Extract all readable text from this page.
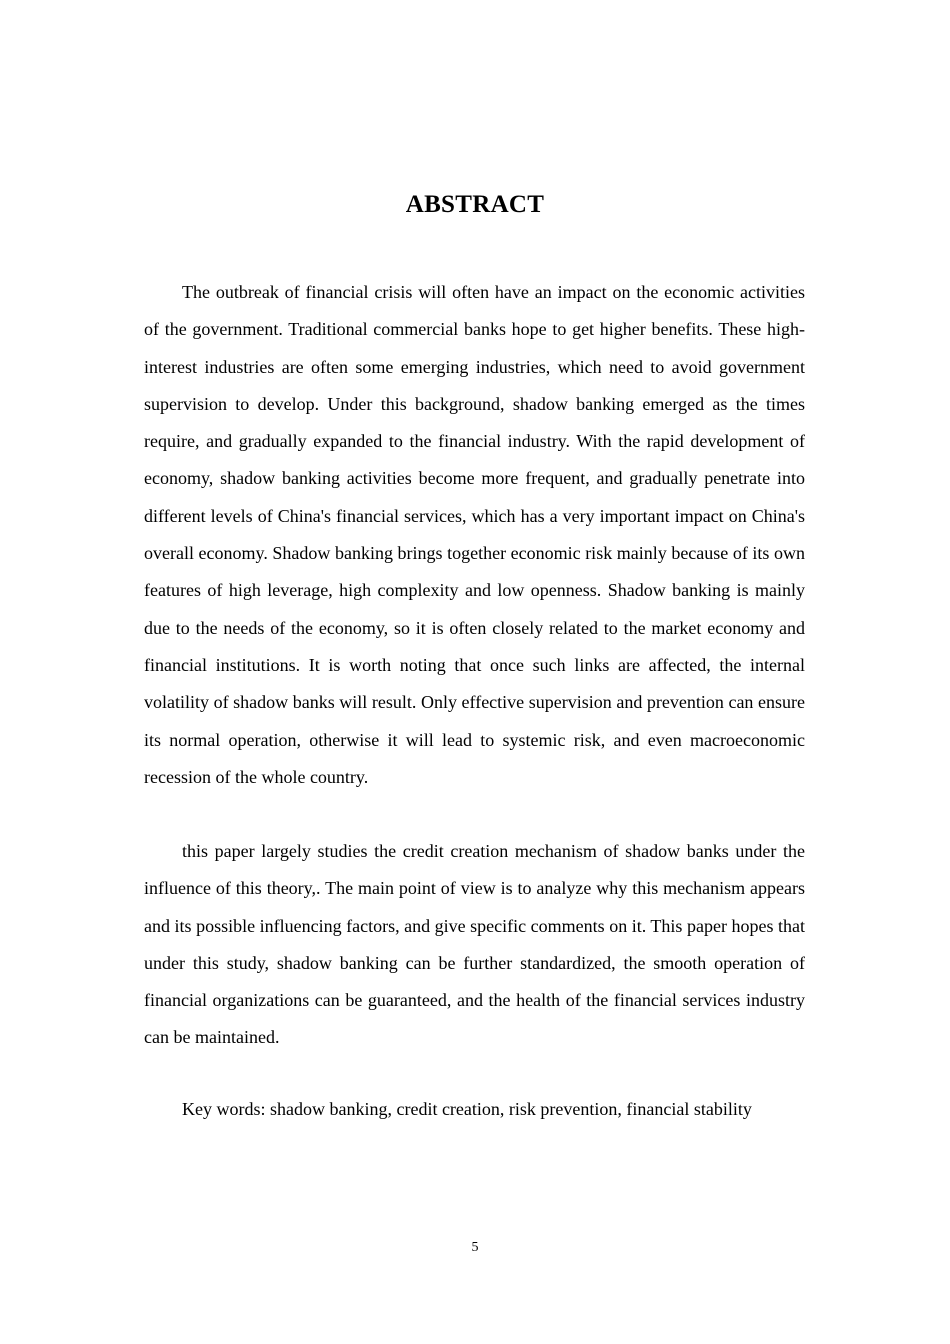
ABSTRACT

The outbreak of financial crisis will often have an impact on the economic activities of the government. Traditional commercial banks hope to get higher benefits. These high-interest industries are often some emerging industries, which need to avoid government supervision to develop. Under this background, shadow banking emerged as the times require, and gradually expanded to the financial industry. With the rapid development of economy, shadow banking activities become more frequent, and gradually penetrate into different levels of China's financial services, which has a very important impact on China's overall economy. Shadow banking brings together economic risk mainly because of its own features of high leverage, high complexity and low openness. Shadow banking is mainly due to the needs of the economy, so it is often closely related to the market economy and financial institutions. It is worth noting that once such links are affected, the internal volatility of shadow banks will result. Only effective supervision and prevention can ensure its normal operation, otherwise it will lead to systemic risk, and even macroeconomic recession of the whole country.

this paper largely studies the credit creation mechanism of shadow banks under the influence of this theory,. The main point of view is to analyze why this mechanism appears and its possible influencing factors, and give specific comments on it. This paper hopes that under this study, shadow banking can be further standardized, the smooth operation of financial organizations can be guaranteed, and the health of the financial services industry can be maintained.

Key words: shadow banking, credit creation, risk prevention, financial stability
5
